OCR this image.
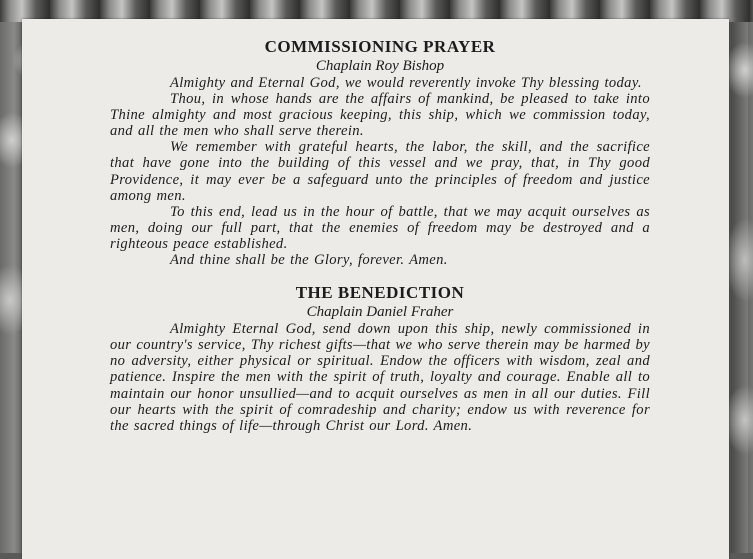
COMMISSIONING PRAYER

Chaplain Roy Bishop

Almighty and Eternal God, we would reverently invoke Thy blessing today.

Thou, in whose hands are the affairs of mankind, be pleased to take into Thine almighty and most gracious keeping, this ship, which we commission today, and all the men who shall serve therein.

We remember with grateful hearts, the labor, the skill, and the sacrifice that have gone into the building of this vessel and we pray, that, in Thy good Providence, it may ever be a safeguard unto the principles of freedom and justice among men.

To this end, lead us in the hour of battle, that we may acquit ourselves as men, doing our full part, that the enemies of freedom may be destroyed and a righteous peace established.

And thine shall be the Glory, forever. Amen.

THE BENEDICTION

Chaplain Daniel Fraher

Almighty Eternal God, send down upon this ship, newly commissioned in our country's service, Thy richest gifts—that we who serve therein may be harmed by no adversity, either physical or spiritual. Endow the officers with wisdom, zeal and patience. Inspire the men with the spirit of truth, loyalty and courage. Enable all to maintain our honor unsullied—and to acquit ourselves as men in all our duties. Fill our hearts with the spirit of comradeship and charity; endow us with reverence for the sacred things of life—through Christ our Lord. Amen.
